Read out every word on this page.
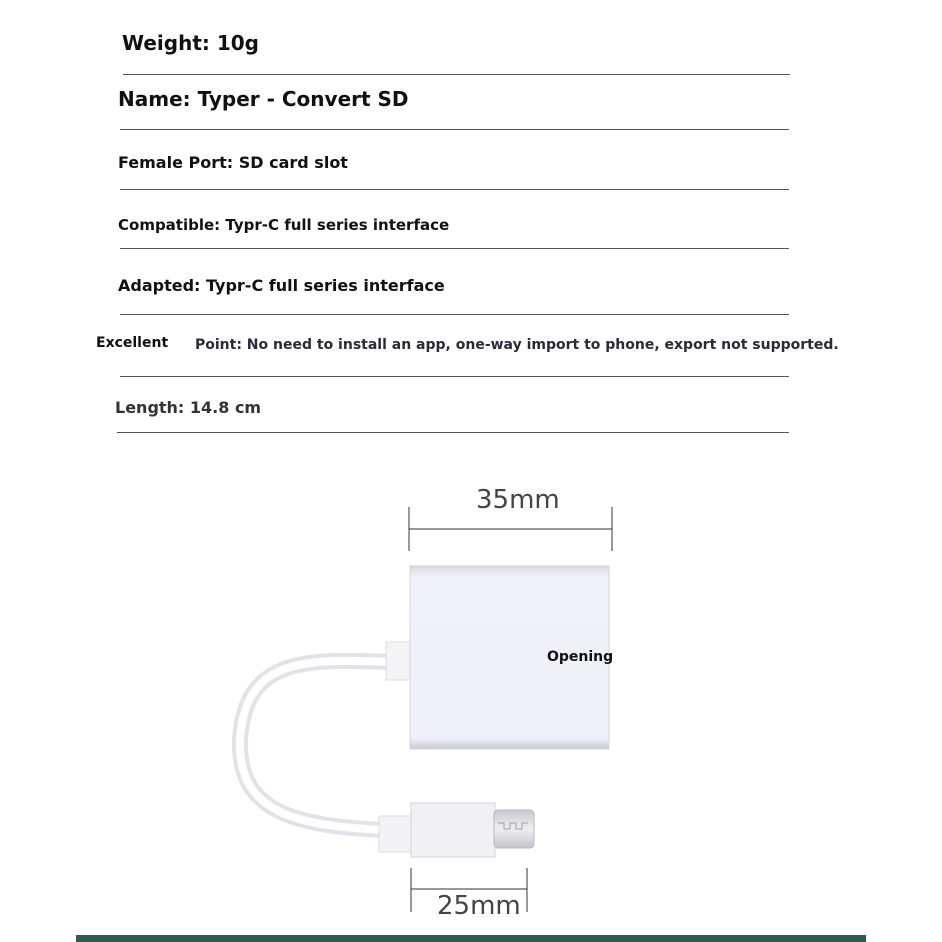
Weight: 10g
Name: Typer - Convert SD
Female Port: SD card slot
Compatible: Typr-C full series interface
Adapted: Typr-C full series interface
Excellent Point: No need to install an app, one-way import to phone, export not supported.
Length: 14.8 cm
35mm
Opening
25mm
